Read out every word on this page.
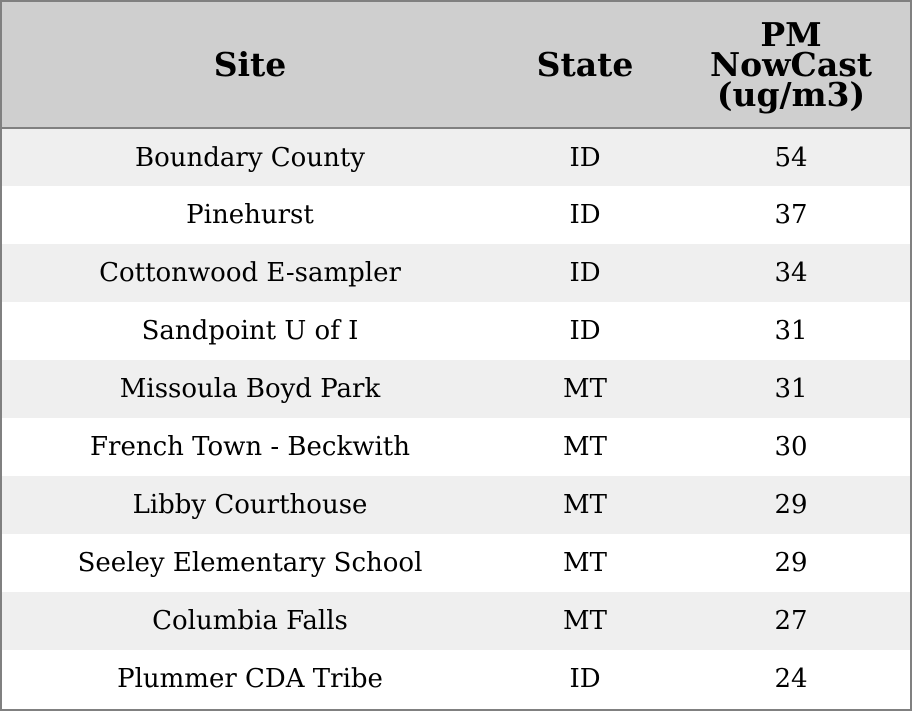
Site	State	PM
NowCast
(ug/m3)

Boundary County	ID	54
Pinehurst	ID	37
Cottonwood E-sampler	ID	34
Sandpoint U of I	ID	31
Missoula Boyd Park	MT	31
French Town - Beckwith	MT	30
Libby Courthouse	MT	29
Seeley Elementary School	MT	29
Columbia Falls	MT	27
Plummer CDA Tribe	ID	24
